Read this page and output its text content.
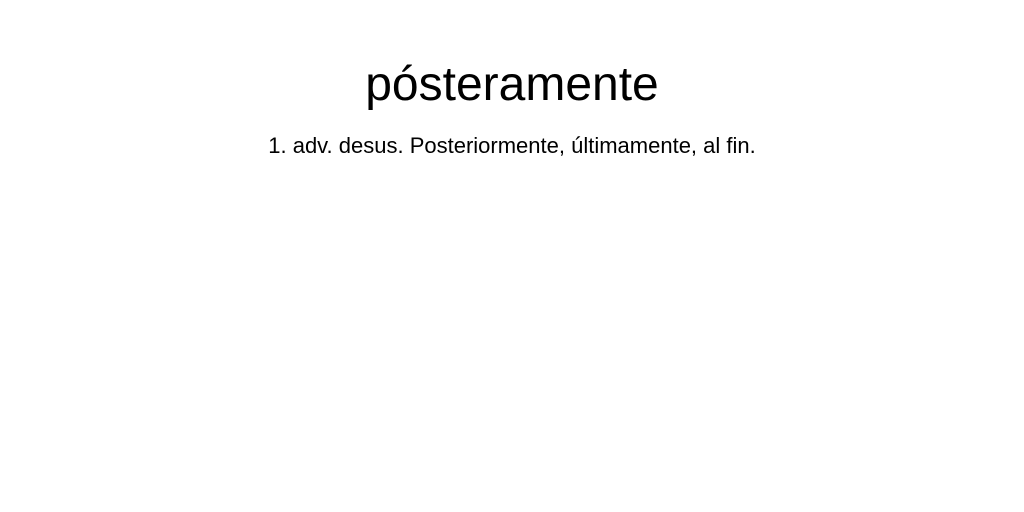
pósteramente

1. adv. desus. Posteriormente, últimamente, al fin.
